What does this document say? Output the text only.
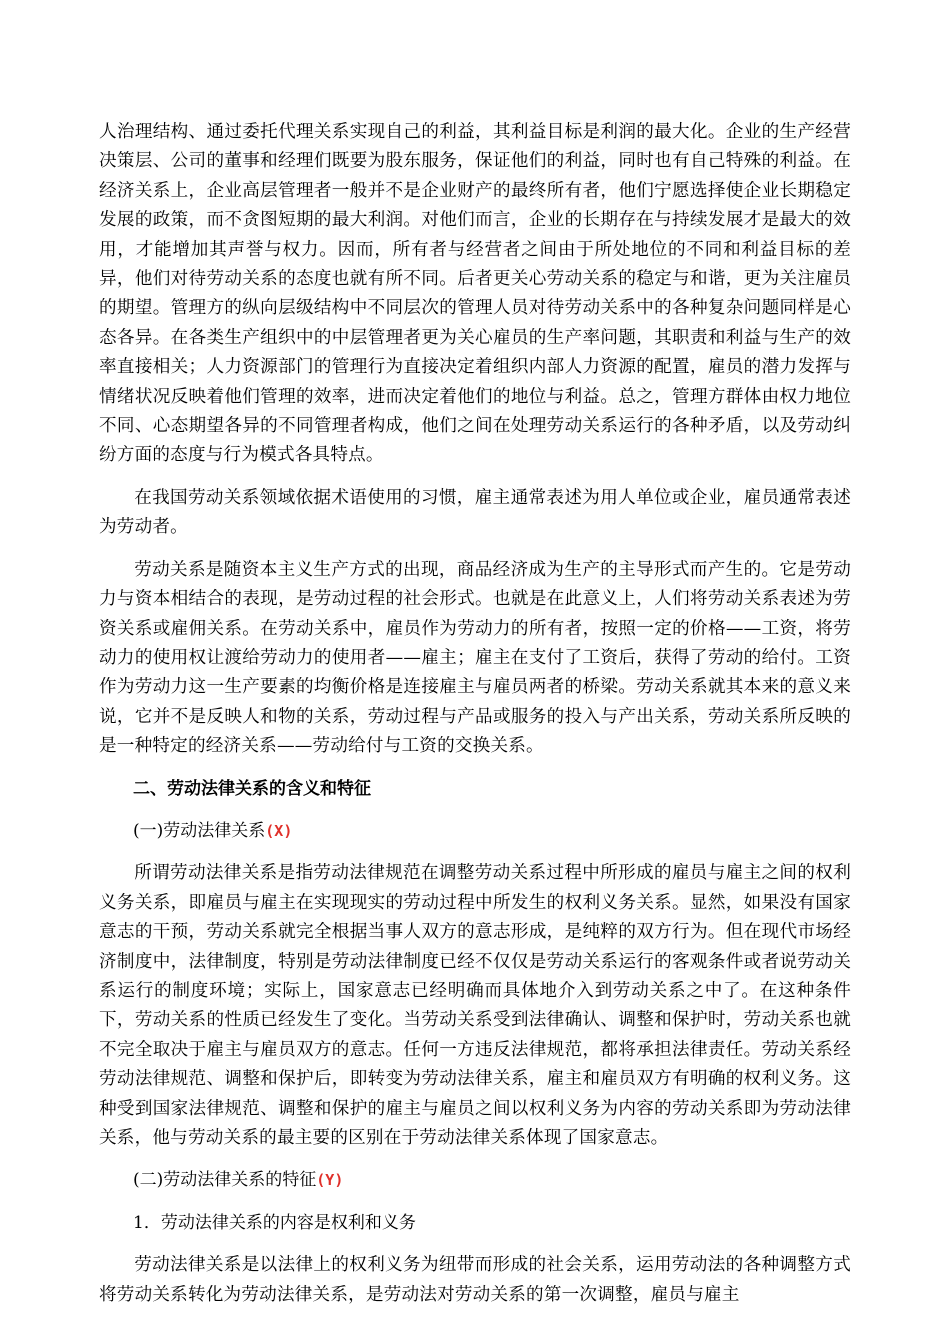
人治理结构、通过委托代理关系实现自己的利益，其利益目标是利润的最大化。企业的生产经营决策层、公司的董事和经理们既要为股东服务，保证他们的利益，同时也有自己特殊的利益。在经济关系上，企业高层管理者一般并不是企业财产的最终所有者，他们宁愿选择使企业长期稳定发展的政策，而不贪图短期的最大利润。对他们而言，企业的长期存在与持续发展才是最大的效用，才能增加其声誉与权力。因而，所有者与经营者之间由于所处地位的不同和利益目标的差异，他们对待劳动关系的态度也就有所不同。后者更关心劳动关系的稳定与和谐，更为关注雇员的期望。管理方的纵向层级结构中不同层次的管理人员对待劳动关系中的各种复杂问题同样是心态各异。在各类生产组织中的中层管理者更为关心雇员的生产率问题，其职责和利益与生产的效率直接相关；人力资源部门的管理行为直接决定着组织内部人力资源的配置，雇员的潜力发挥与情绪状况反映着他们管理的效率，进而决定着他们的地位与利益。总之，管理方群体由权力地位不同、心态期望各异的不同管理者构成，他们之间在处理劳动关系运行的各种矛盾，以及劳动纠纷方面的态度与行为模式各具特点。

在我国劳动关系领域依据术语使用的习惯，雇主通常表述为用人单位或企业，雇员通常表述为劳动者。

劳动关系是随资本主义生产方式的出现，商品经济成为生产的主导形式而产生的。它是劳动力与资本相结合的表现，是劳动过程的社会形式。也就是在此意义上，人们将劳动关系表述为劳资关系或雇佣关系。在劳动关系中，雇员作为劳动力的所有者，按照一定的价格——工资，将劳动力的使用权让渡给劳动力的使用者——雇主；雇主在支付了工资后，获得了劳动的给付。工资作为劳动力这一生产要素的均衡价格是连接雇主与雇员两者的桥梁。劳动关系就其本来的意义来说，它并不是反映人和物的关系，劳动过程与产品或服务的投入与产出关系，劳动关系所反映的是一种特定的经济关系——劳动给付与工资的交换关系。

二、劳动法律关系的含义和特征

(一)劳动法律关系(X)

所谓劳动法律关系是指劳动法律规范在调整劳动关系过程中所形成的雇员与雇主之间的权利义务关系，即雇员与雇主在实现现实的劳动过程中所发生的权利义务关系。显然，如果没有国家意志的干预，劳动关系就完全根据当事人双方的意志形成，是纯粹的双方行为。但在现代市场经济制度中，法律制度，特别是劳动法律制度已经不仅仅是劳动关系运行的客观条件或者说劳动关系运行的制度环境；实际上，国家意志已经明确而具体地介入到劳动关系之中了。在这种条件下，劳动关系的性质已经发生了变化。当劳动关系受到法律确认、调整和保护时，劳动关系也就不完全取决于雇主与雇员双方的意志。任何一方违反法律规范，都将承担法律责任。劳动关系经劳动法律规范、调整和保护后，即转变为劳动法律关系，雇主和雇员双方有明确的权利义务。这种受到国家法律规范、调整和保护的雇主与雇员之间以权利义务为内容的劳动关系即为劳动法律关系，他与劳动关系的最主要的区别在于劳动法律关系体现了国家意志。

(二)劳动法律关系的特征(Y)

1．劳动法律关系的内容是权利和义务

劳动法律关系是以法律上的权利义务为纽带而形成的社会关系，运用劳动法的各种调整方式将劳动关系转化为劳动法律关系，是劳动法对劳动关系的第一次调整，雇员与雇主
